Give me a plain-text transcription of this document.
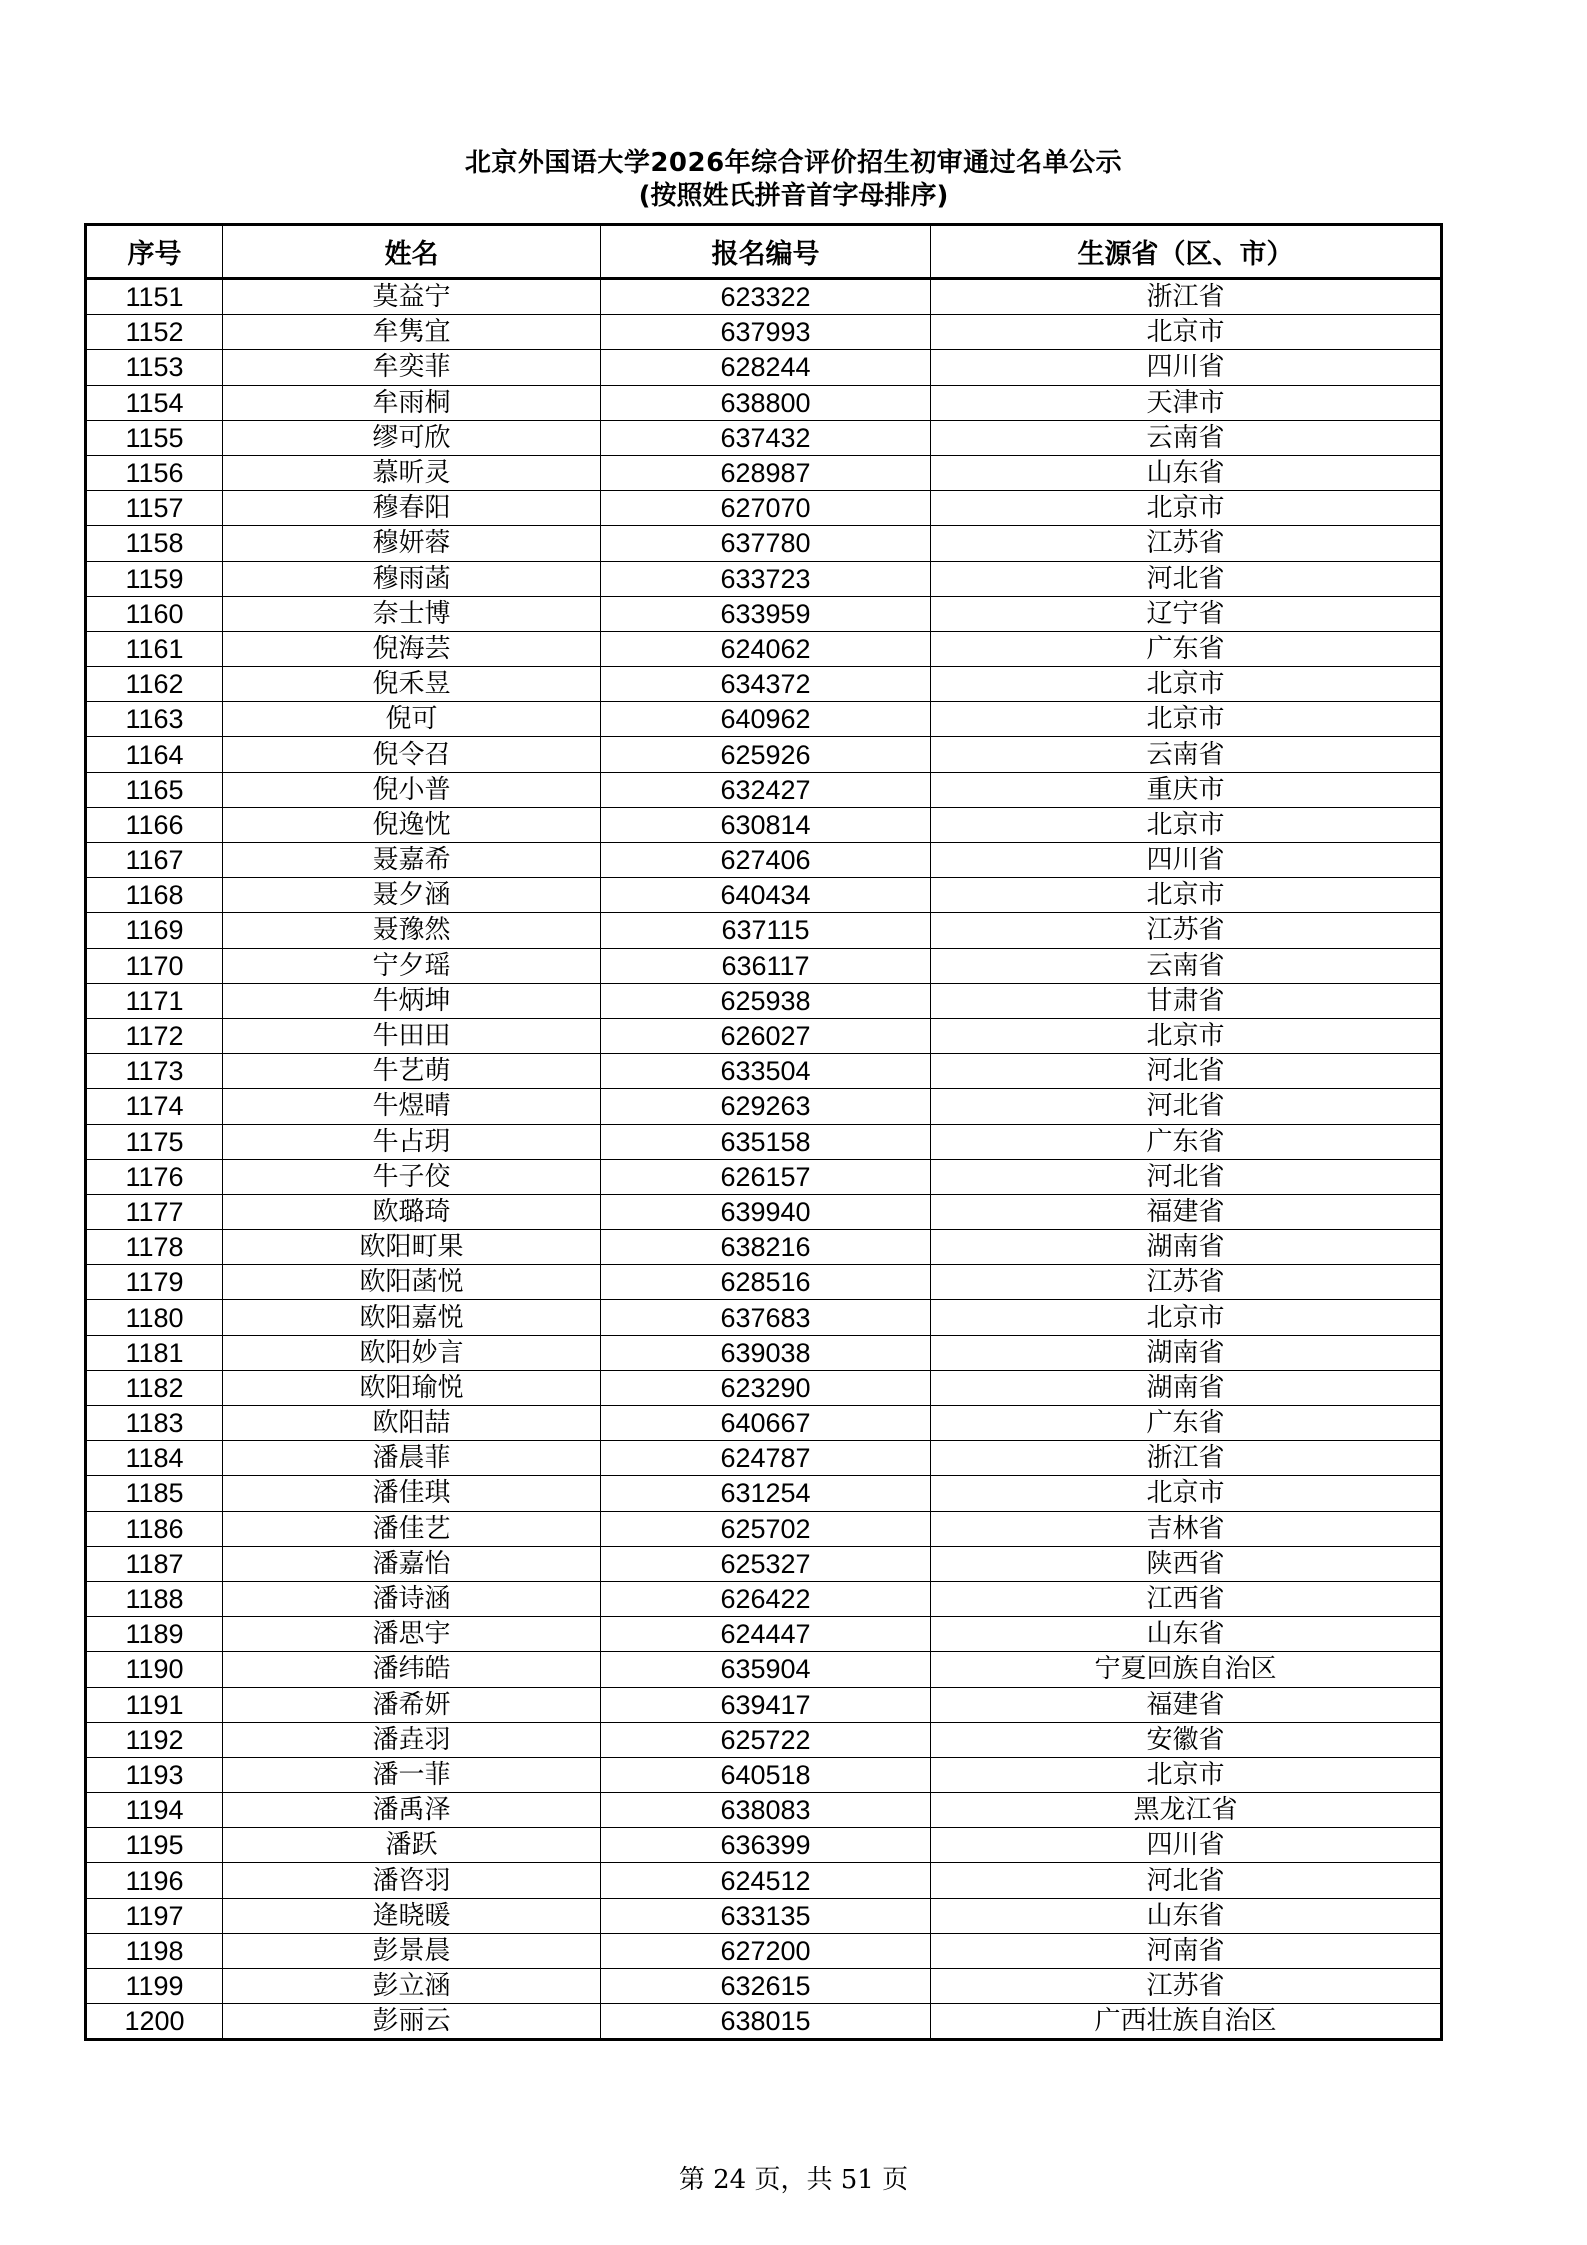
北京外国语大学2026年综合评价招生初审通过名单公示
(按照姓氏拼音首字母排序)
序号	姓名	报名编号	生源省（区、市）
1151	莫益宁	623322	浙江省
1152	牟隽宜	637993	北京市
1153	牟奕菲	628244	四川省
1154	牟雨桐	638800	天津市
1155	缪可欣	637432	云南省
1156	慕昕灵	628987	山东省
1157	穆春阳	627070	北京市
1158	穆妍蓉	637780	江苏省
1159	穆雨菡	633723	河北省
1160	奈士博	633959	辽宁省
1161	倪海芸	624062	广东省
1162	倪禾昱	634372	北京市
1163	倪可	640962	北京市
1164	倪令召	625926	云南省
1165	倪小普	632427	重庆市
1166	倪逸忱	630814	北京市
1167	聂嘉希	627406	四川省
1168	聂夕涵	640434	北京市
1169	聂豫然	637115	江苏省
1170	宁夕瑶	636117	云南省
1171	牛炳坤	625938	甘肃省
1172	牛田田	626027	北京市
1173	牛艺萌	633504	河北省
1174	牛煜晴	629263	河北省
1175	牛占玥	635158	广东省
1176	牛子佼	626157	河北省
1177	欧璐琦	639940	福建省
1178	欧阳町果	638216	湖南省
1179	欧阳菡悦	628516	江苏省
1180	欧阳嘉悦	637683	北京市
1181	欧阳妙言	639038	湖南省
1182	欧阳瑜悦	623290	湖南省
1183	欧阳喆	640667	广东省
1184	潘晨菲	624787	浙江省
1185	潘佳琪	631254	北京市
1186	潘佳艺	625702	吉林省
1187	潘嘉怡	625327	陕西省
1188	潘诗涵	626422	江西省
1189	潘思宇	624447	山东省
1190	潘纬皓	635904	宁夏回族自治区
1191	潘希妍	639417	福建省
1192	潘垚羽	625722	安徽省
1193	潘一菲	640518	北京市
1194	潘禹泽	638083	黑龙江省
1195	潘跃	636399	四川省
1196	潘咨羽	624512	河北省
1197	逄晓暖	633135	山东省
1198	彭景晨	627200	河南省
1199	彭立涵	632615	江苏省
1200	彭丽云	638015	广西壮族自治区
第 24 页，共 51 页
